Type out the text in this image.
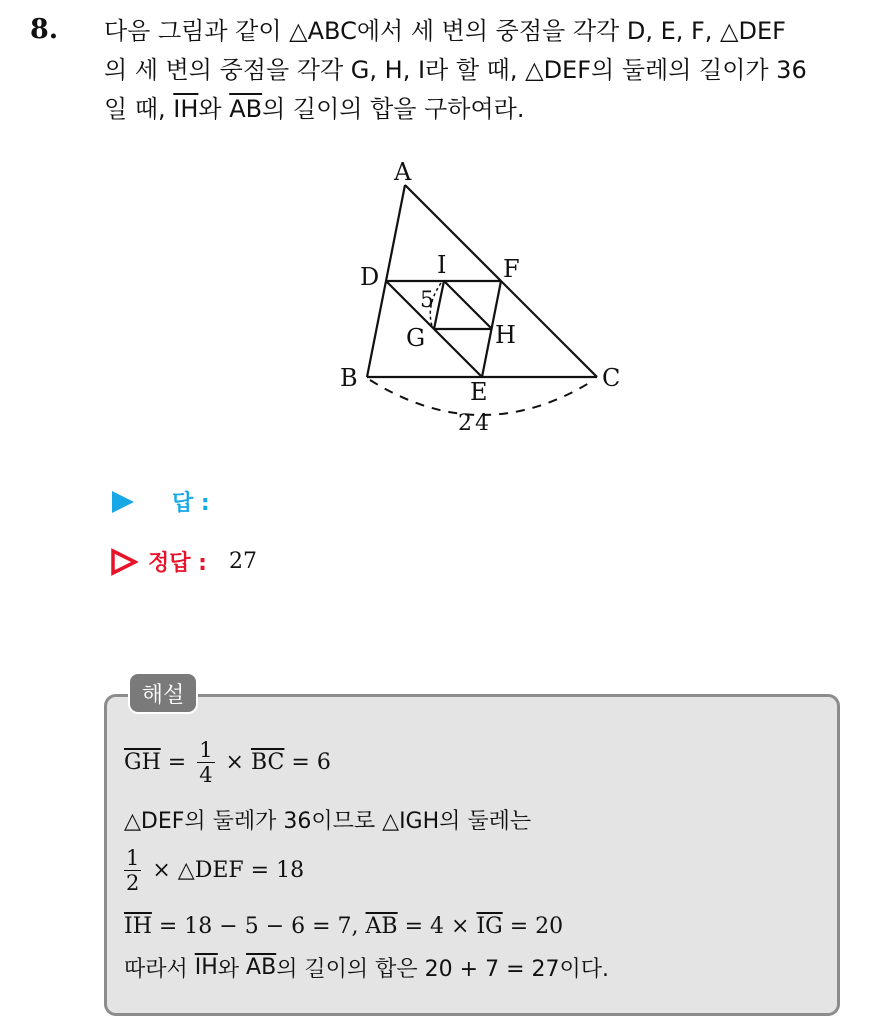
8. 다음 그림과 같이 △ABC에서 세 변의 중점을 각각 D, E, F, △DEF
의 세 변의 중점을 각각 G, H, I라 할 때, △DEF의 둘레의 길이가 36
일 때, $\overline{IH}$와 $\overline{AB}$의 길이의 합을 구하여라.
A
D I F
G	H
B	C
E
5
24
답 :
정답 : 27
해설
$\overline{GH} = \frac{1}{4} \times \overline{BC} = 6$
△DEF의 둘레가 36이므로 △IGH의 둘레는
$\frac{1}{2}$ × △DEF = 18
$\overline{IH} = 18 - 5 - 6 = 7$, $\overline{AB} = 4 \times \overline{IG} = 20$
따라서 $\overline{IH}$ 와 $\overline{AB}$ 의 길이의 합은 20 + 7 = 27이다.
